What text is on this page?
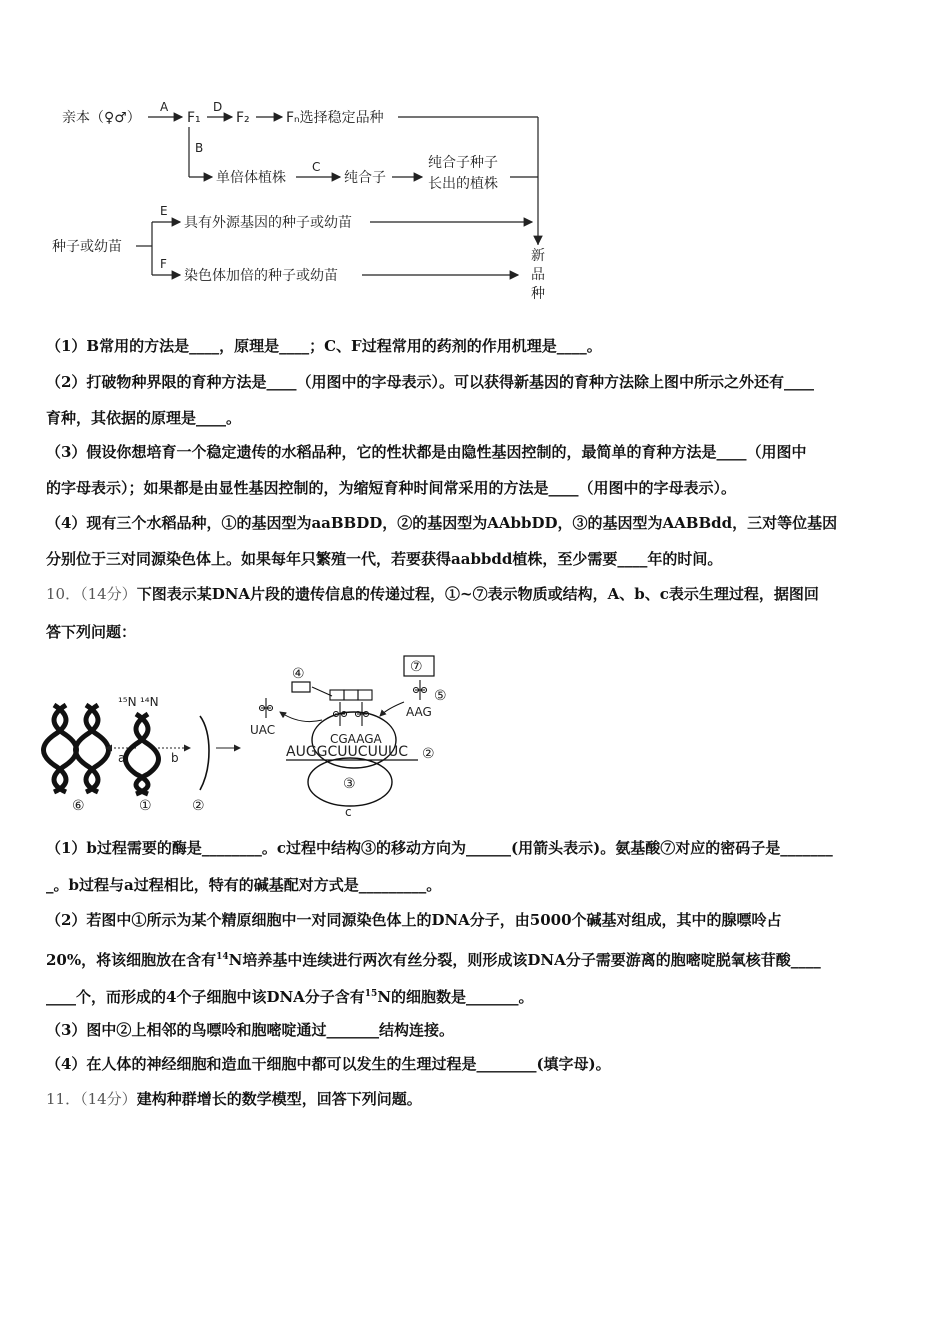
亲本（♀♂）
A
F₁
D
F₂	Fₙ选择稳定品种
B
单倍体植株
C
纯合子
纯合子种子
长出的植株
种子或幼苗
E
具有外源基因的种子或幼苗
F
染色体加倍的种子或幼苗
新
品
种
（1）B常用的方法是____，原理是____；C、F过程常用的药剂的作用机理是____。
（2）打破物种界限的育种方法是____（用图中的字母表示）。可以获得新基因的育种方法除上图中所示之外还有____
育种，其依据的原理是____。
（3）假设你想培育一个稳定遗传的水稻品种，它的性状都是由隐性基因控制的，最简单的育种方法是____（用图中
的字母表示）；如果都是由显性基因控制的，为缩短育种时间常采用的方法是____（用图中的字母表示）。
（4）现有三个水稻品种，①的基因型为aaBBDD，②的基因型为AAbbDD，③的基因型为AABBdd，三对等位基因
分别位于三对同源染色体上。如果每年只繁殖一代，若要获得aabbdd植株，至少需要____年的时间。
10．（14分）下图表示某DNA片段的遗传信息的传递过程，①~⑦表示物质或结构，A、b、c表示生理过程，据图回
答下列问题：
a
¹⁵N ¹⁴N
b
⑥	①	②
④
③
CGAAGA
AUGGCUUCUUUC ②
UAC
⑦
⑤
AAG
c
（1）b过程需要的酶是________。c过程中结构③的移动方向为______(用箭头表示)。氨基酸⑦对应的密码子是_______
_。b过程与a过程相比，特有的碱基配对方式是_________。
（2）若图中①所示为某个精原细胞中一对同源染色体上的DNA分子，由5000个碱基对组成，其中的腺嘌呤占
20%，将该细胞放在含有$^{14}$N培养基中连续进行两次有丝分裂，则形成该DNA分子需要游离的胞嘧啶脱氧核苷酸____
____个，而形成的4个子细胞中该DNA分子含有$^{15}$N的细胞数是_______。
（3）图中②上相邻的鸟嘌呤和胞嘧啶通过_______结构连接。
（4）在人体的神经细胞和造血干细胞中都可以发生的生理过程是________(填字母)。
11．（14分）建构种群增长的数学模型，回答下列问题。
